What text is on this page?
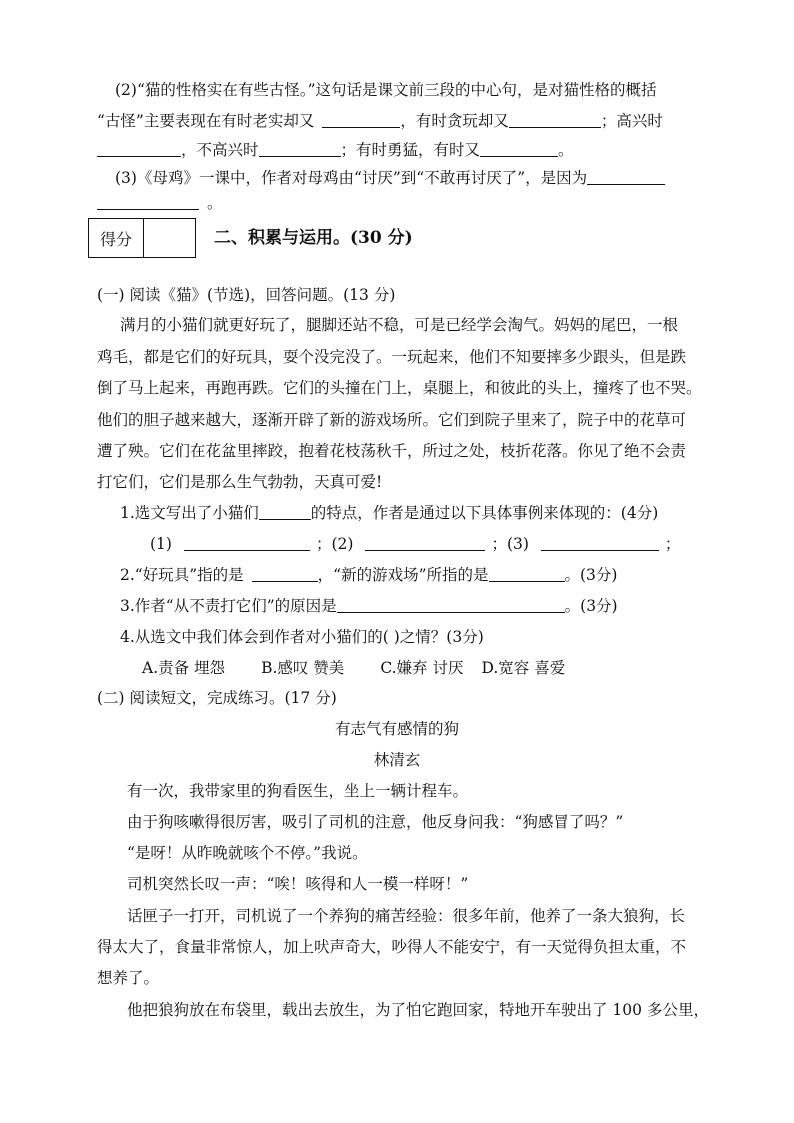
(2)“猫的性格实在有些古怪。”这句话是课文前三段的中心句，是对猫性格的概括
“古怪”主要表现在有时老实却又	，有时贪玩却又	；高兴时
，不高兴时	；有时勇猛，有时又	。
(3)《母鸡》一课中，作者对母鸡由“讨厌”到“不敢再讨厌了”，是因为
。
得分	二、积累与运用。(30 分)
(一) 阅读《猫》(节选)，回答问题。(13 分)
满月的小猫们就更好玩了，腿脚还站不稳，可是已经学会淘气。妈妈的尾巴，一根
鸡毛，都是它们的好玩具，耍个没完没了。一玩起来，他们不知要摔多少跟头，但是跌
倒了马上起来，再跑再跌。它们的头撞在门上，桌腿上，和彼此的头上，撞疼了也不哭。
他们的胆子越来越大，逐渐开辟了新的游戏场所。它们到院子里来了，院子中的花草可
遭了殃。它们在花盆里摔跤，抱着花枝荡秋千，所过之处，枝折花落。你见了绝不会责
打它们，它们是那么生气勃勃，天真可爱!
1.选文写出了小猫们	的特点，作者是通过以下具体事例来体现的：(4分)
(1)	；(2)	；(3)	；
2.“好玩具”指的是	，“新的游戏场”所指的是	。(3分)
3.作者“从不责打它们”的原因是	。(3分)
4.从选文中我们体会到作者对小猫们的( )之情？(3分)
A.责备 埋怨 B.感叹 赞美 C.嫌弃 讨厌 D.宽容 喜爱
(二) 阅读短文，完成练习。(17 分)
有志气有感情的狗
林清玄
有一次，我带家里的狗看医生，坐上一辆计程车。
由于狗咳嗽得很厉害，吸引了司机的注意，他反身问我：“狗感冒了吗？”
“是呀！从昨晚就咳个不停。”我说。
司机突然长叹一声：“唉！咳得和人一模一样呀！”
话匣子一打开，司机说了一个养狗的痛苦经验：很多年前，他养了一条大狼狗，长
得太大了，食量非常惊人，加上吠声奇大，吵得人不能安宁，有一天觉得负担太重，不
想养了。
他把狼狗放在布袋里，载出去放生，为了怕它跑回家，特地开车驶出了 100 多公里，
